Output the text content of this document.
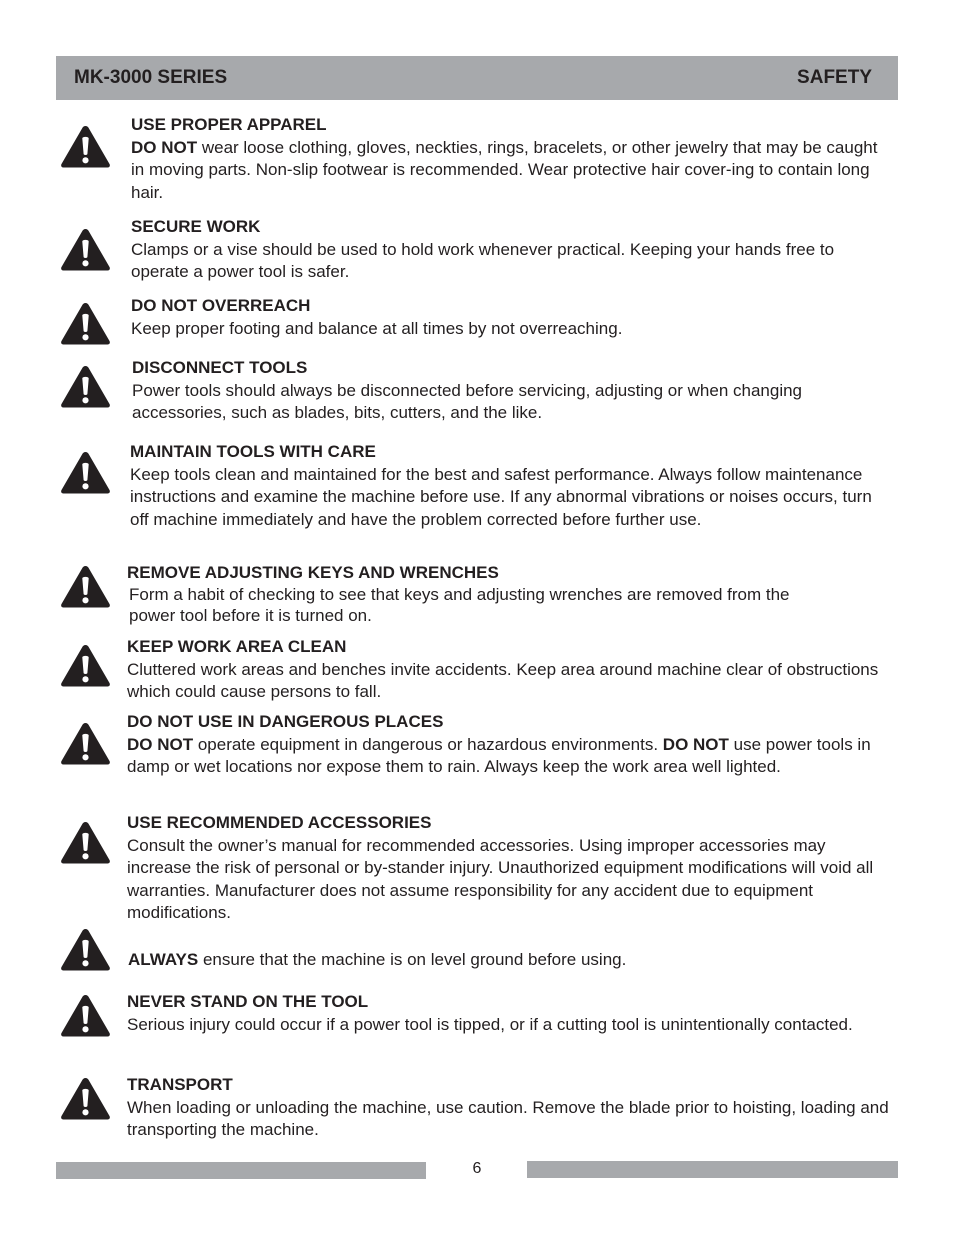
MK-3000 SERIES	SAFETY
USE PROPER APPAREL
DO NOT wear loose clothing, gloves, neckties, rings, bracelets, or other jewelry that may be caught in moving parts. Non-slip footwear is recommended. Wear protective hair cover-ing to contain long hair.
SECURE WORK
Clamps or a vise should be used to hold work whenever practical. Keeping your hands free to operate a power tool is safer.
DO NOT OVERREACH
Keep proper footing and balance at all times by not overreaching.
DISCONNECT TOOLS
Power tools should always be disconnected before servicing, adjusting or when changing accessories, such as blades, bits, cutters, and the like.
MAINTAIN TOOLS WITH CARE
Keep tools clean and maintained for the best and safest performance. Always follow maintenance instructions and examine the machine before use. If any abnormal vibrations or noises occurs, turn off machine immediately and have the problem corrected before further use.
REMOVE ADJUSTING KEYS AND WRENCHES
Form a habit of checking to see that keys and adjusting wrenches are removed from the power tool before it is turned on.
KEEP WORK AREA CLEAN
Cluttered work areas and benches invite accidents. Keep area around machine clear of obstructions which could cause persons to fall.
DO NOT USE IN DANGEROUS PLACES
DO NOT operate equipment in dangerous or hazardous environments. DO NOT use power tools in damp or wet locations nor expose them to rain. Always keep the work area well lighted.
USE RECOMMENDED ACCESSORIES
Consult the owner’s manual for recommended accessories. Using improper accessories may increase the risk of personal or by-stander injury. Unauthorized equipment modifications will void all warranties. Manufacturer does not assume responsibility for any accident due to equipment modifications.
ALWAYS ensure that the machine is on level ground before using.
NEVER STAND ON THE TOOL
Serious injury could occur if a power tool is tipped, or if a cutting tool is unintentionally contacted.
TRANSPORT
When loading or unloading the machine, use caution. Remove the blade prior to hoisting, loading and transporting the machine.
6
